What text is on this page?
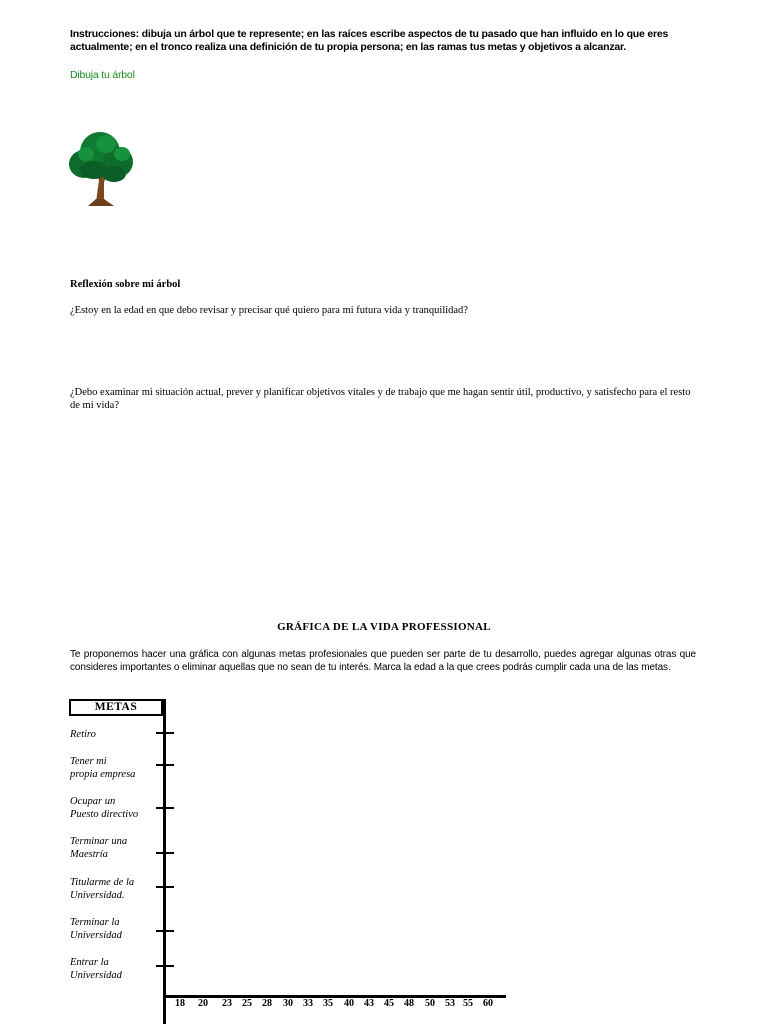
Instrucciones: dibuja un árbol que te represente; en las raíces escribe aspectos de tu pasado que han influido en lo que eres actualmente; en el tronco realiza una definición de tu propia persona; en las ramas tus metas y objetivos a alcanzar.
Dibuja tu árbol
Reflexión sobre mi árbol
¿Estoy en la edad en que debo revisar y precisar qué quiero para mi futura vida y tranquilidad?
¿Debo examinar mi situación actual, prever y planificar objetivos vitales y de trabajo que me hagan sentir útil, productivo, y satisfecho para el resto de mi vida?
GRÁFICA DE LA VIDA PROFESSIONAL
Te proponemos hacer una gráfica con algunas metas profesionales que pueden ser parte de tu desarrollo, puedes agregar algunas otras que consideres importantes o eliminar aquellas que no sean de tu interés. Marca la edad a la que crees podrás cumplir cada una de las metas.
METAS
Retiro
Tener mi
propia empresa
Ocupar un
Puesto directivo
Terminar una
Maestría
Titularme de la
Universidad.
Terminar la
Universidad
Entrar la
Universidad
18	20	23	25	28	30	33	35	40	43	45	48	50	53 55	60
